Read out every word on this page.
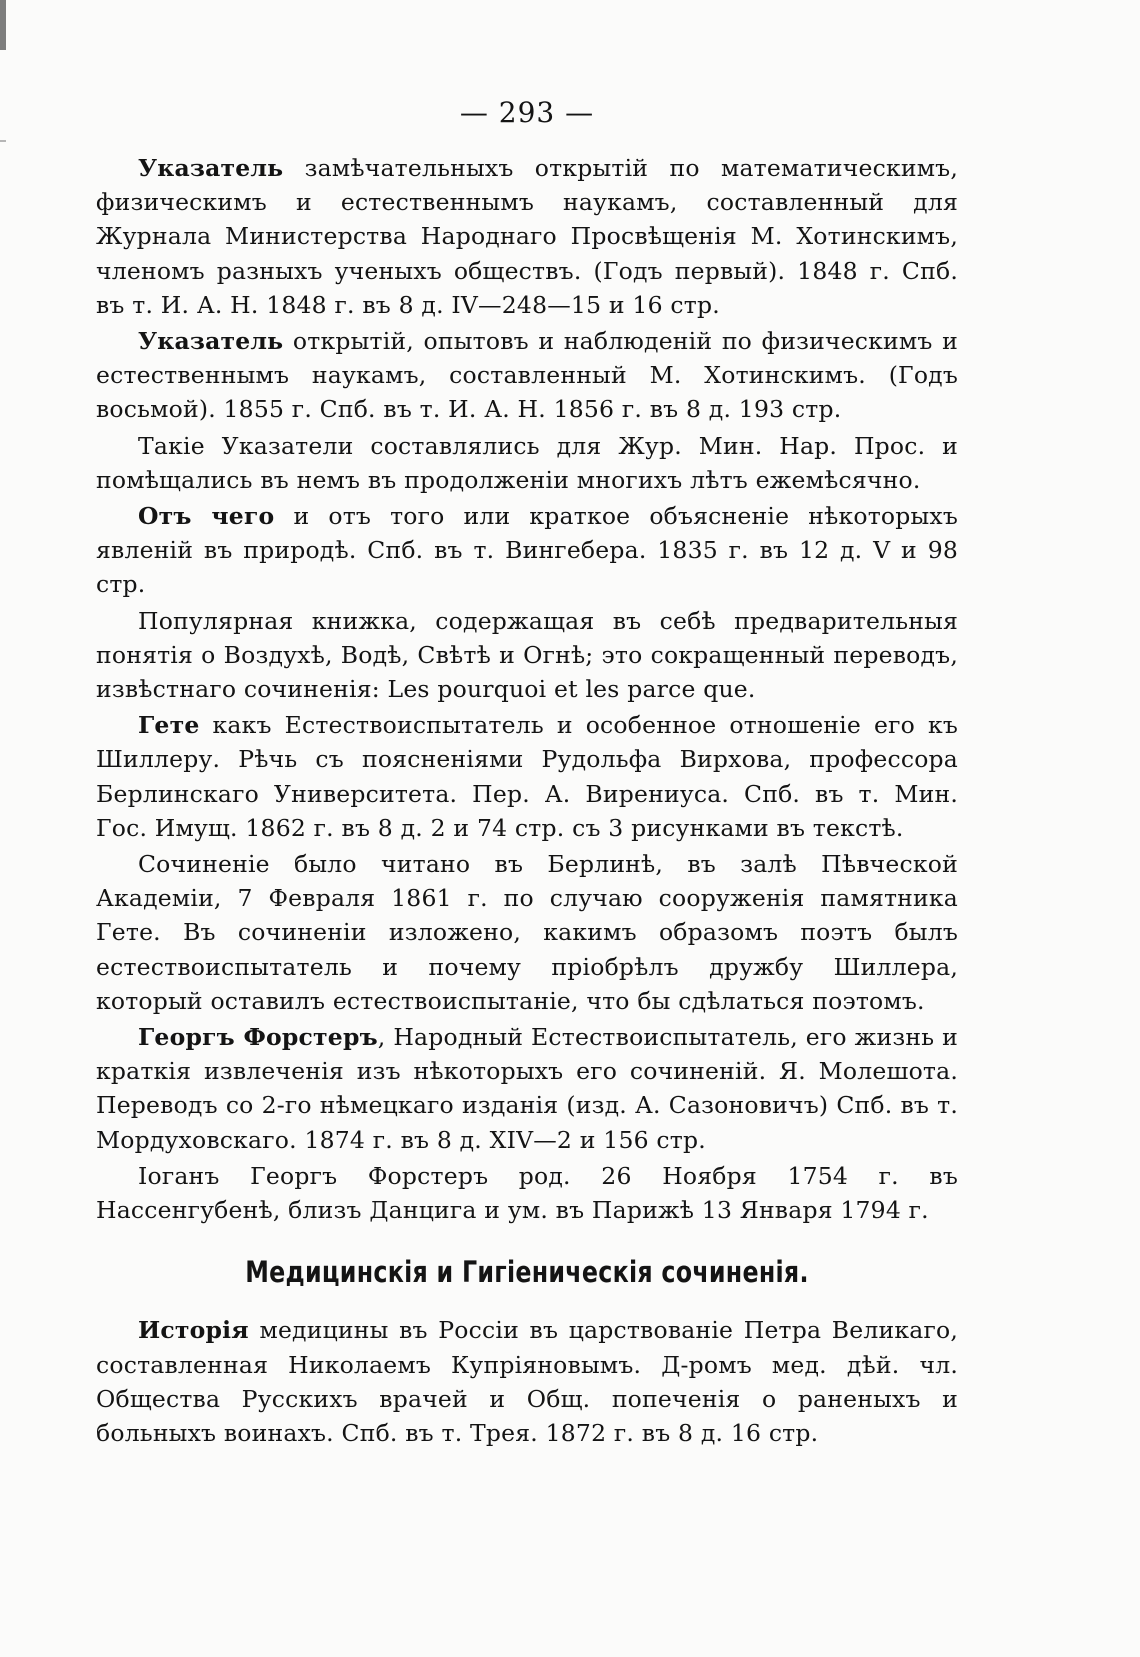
— 293 —

Указатель замѣчательныхъ открытій по математическимъ, физическимъ и естественнымъ наукамъ, составленный для Журнала Министерства Народнаго Просвѣщенія М. Хотинскимъ, членомъ разныхъ ученыхъ обществъ. (Годъ первый). 1848 г. Спб. въ т. И. А. Н. 1848 г. въ 8 д. IV—248—15 и 16 стр.

Указатель открытій, опытовъ и наблюденій по физическимъ и естественнымъ наукамъ, составленный М. Хотинскимъ. (Годъ восьмой). 1855 г. Спб. въ т. И. А. Н. 1856 г. въ 8 д. 193 стр.

Такіе Указатели составлялись для Жур. Мин. Нар. Прос. и помѣщались въ немъ въ продолженіи многихъ лѣтъ ежемѣсячно.

Отъ чего и отъ того или краткое объясненіе нѣкоторыхъ явленій въ природѣ. Спб. въ т. Вингебера. 1835 г. въ 12 д. V и 98 стр.

Популярная книжка, содержащая въ себѣ предварительныя понятія о Воздухѣ, Водѣ, Свѣтѣ и Огнѣ; это сокращенный переводъ, извѣстнаго сочиненія: Les pourquoi et les parce que.

Гете какъ Естествоиспытатель и особенное отношеніе его къ Шиллеру. Рѣчь съ поясненіями Рудольфа Вирхова, профессора Берлинскаго Университета. Пер. А. Вирениуса. Спб. въ т. Мин. Гос. Имущ. 1862 г. въ 8 д. 2 и 74 стр. съ 3 рисунками въ текстѣ.

Сочиненіе было читано въ Берлинѣ, въ залѣ Пѣвческой Академіи, 7 Февраля 1861 г. по случаю сооруженія памятника Гете. Въ сочиненіи изложено, какимъ образомъ поэтъ былъ естествоиспытатель и почему пріобрѣлъ дружбу Шиллера, который оставилъ естествоиспытаніе, что бы сдѣлаться поэтомъ.

Георгъ Форстеръ, Народный Естествоиспытатель, его жизнь и краткія извлеченія изъ нѣкоторыхъ его сочиненій. Я. Молешота. Переводъ со 2-го нѣмецкаго изданія (изд. А. Сазоновичъ) Спб. въ т. Мордуховскаго. 1874 г. въ 8 д. XIV—2 и 156 стр.

Іоганъ Георгъ Форстеръ род. 26 Ноября 1754 г. въ Нассенгубенѣ, близъ Данцига и ум. въ Парижѣ 13 Января 1794 г.

Медицинскія и Гигіеническія сочиненія.

Исторія медицины въ Россіи въ царствованіе Петра Великаго, составленная Николаемъ Купріяновымъ. Д-ромъ мед. дѣй. чл. Общества Русскихъ врачей и Общ. попеченія о раненыхъ и больныхъ воинахъ. Спб. въ т. Трея. 1872 г. въ 8 д. 16 стр.
